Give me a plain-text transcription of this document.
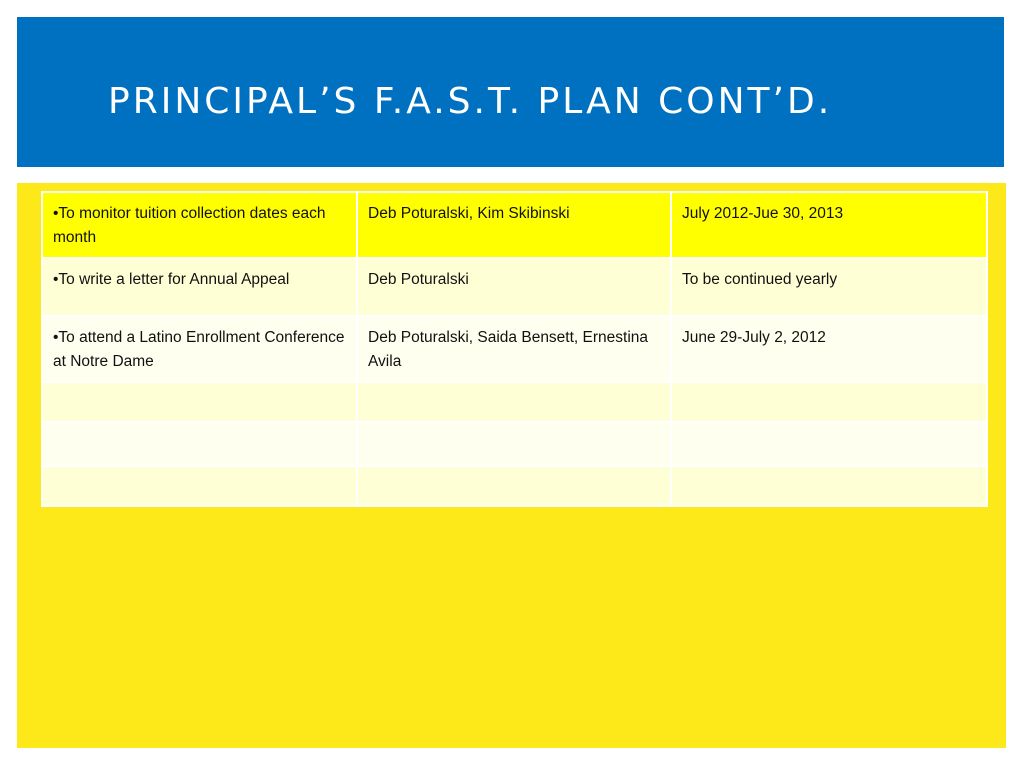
PRINCIPAL’S F.A.S.T. PLAN CONT’D.
•To monitor tuition collection dates each month	Deb Poturalski, Kim Skibinski	July 2012-Jue 30, 2013
•To write a letter for Annual Appeal	Deb Poturalski	To be continued yearly
•To attend a Latino Enrollment Conference at Notre Dame	Deb Poturalski, Saida Bensett, Ernestina Avila	June 29-July 2, 2012
